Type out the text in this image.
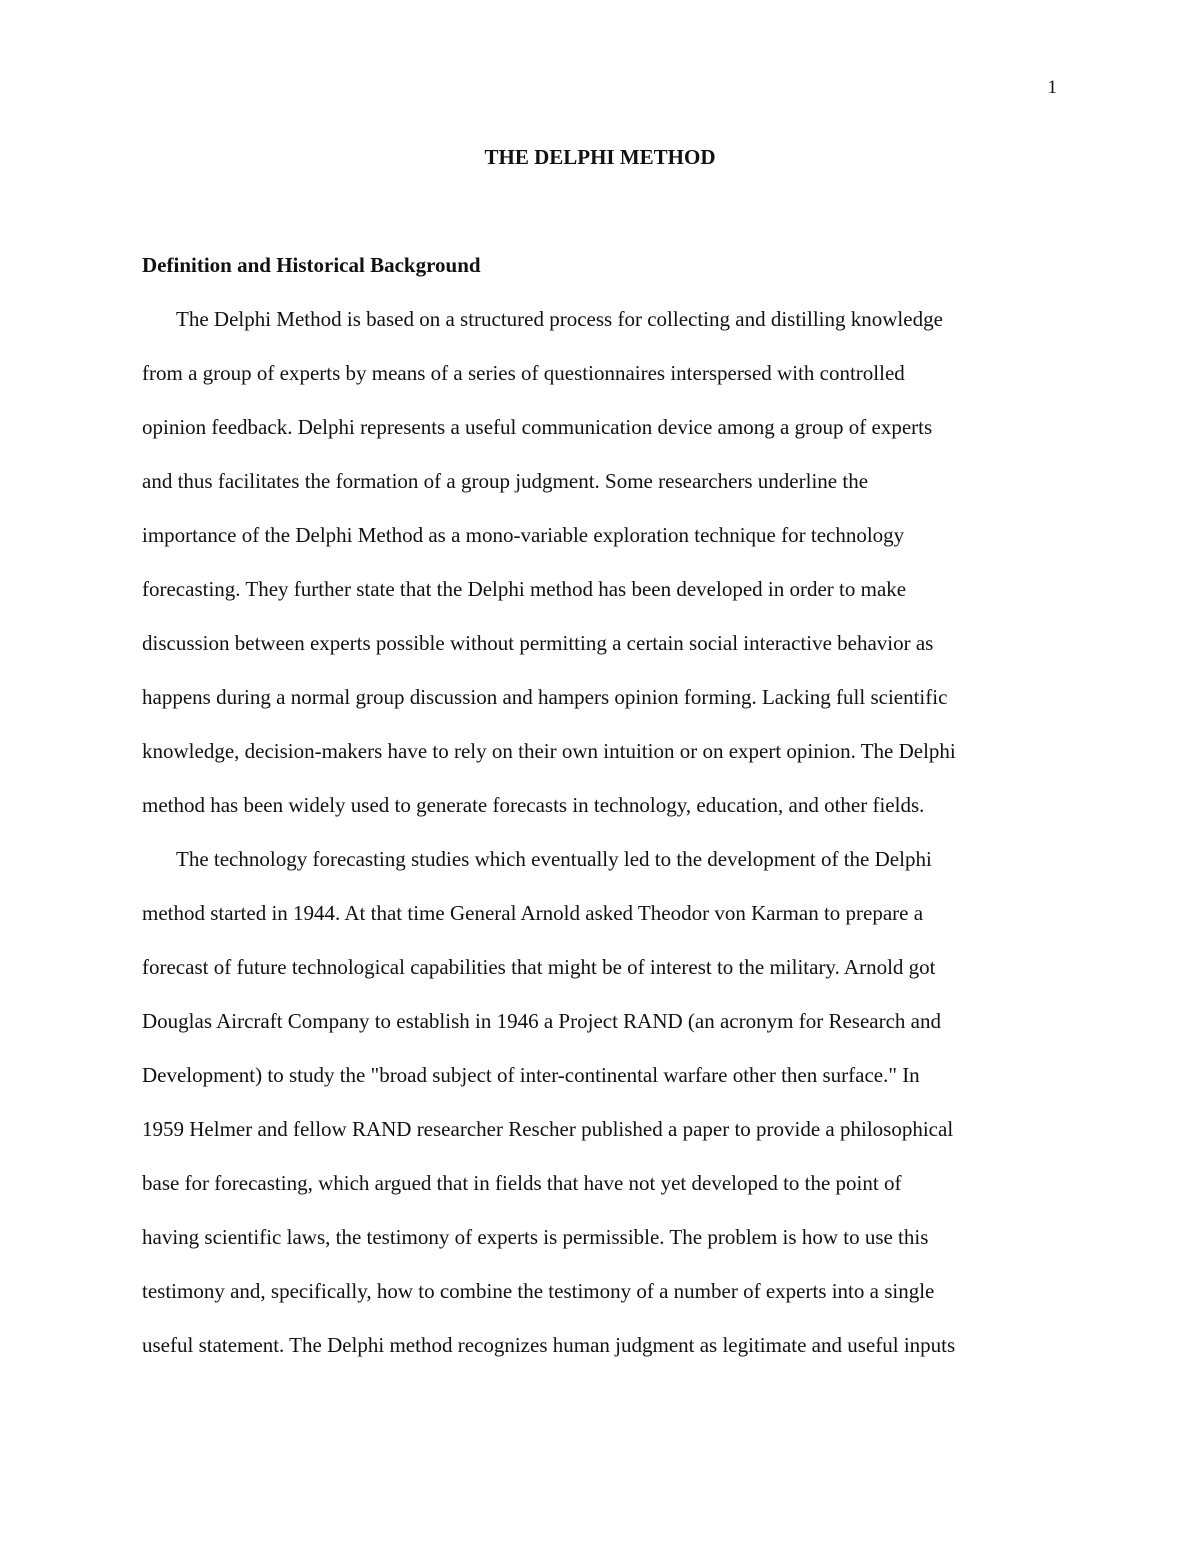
1
THE DELPHI METHOD
Definition and Historical Background
The Delphi Method is based on a structured process for collecting and distilling knowledge
from a group of experts by means of a series of questionnaires interspersed with controlled
opinion feedback. Delphi represents a useful communication device among a group of experts
and thus facilitates the formation of a group judgment. Some researchers underline the
importance of the Delphi Method as a mono-variable exploration technique for technology
forecasting. They further state that the Delphi method has been developed in order to make
discussion between experts possible without permitting a certain social interactive behavior as
happens during a normal group discussion and hampers opinion forming. Lacking full scientific
knowledge, decision-makers have to rely on their own intuition or on expert opinion. The Delphi
method has been widely used to generate forecasts in technology, education, and other fields.
The technology forecasting studies which eventually led to the development of the Delphi
method started in 1944. At that time General Arnold asked Theodor von Karman to prepare a
forecast of future technological capabilities that might be of interest to the military. Arnold got
Douglas Aircraft Company to establish in 1946 a Project RAND (an acronym for Research and
Development) to study the "broad subject of inter-continental warfare other then surface." In
1959 Helmer and fellow RAND researcher Rescher published a paper to provide a philosophical
base for forecasting, which argued that in fields that have not yet developed to the point of
having scientific laws, the testimony of experts is permissible. The problem is how to use this
testimony and, specifically, how to combine the testimony of a number of experts into a single
useful statement. The Delphi method recognizes human judgment as legitimate and useful inputs
